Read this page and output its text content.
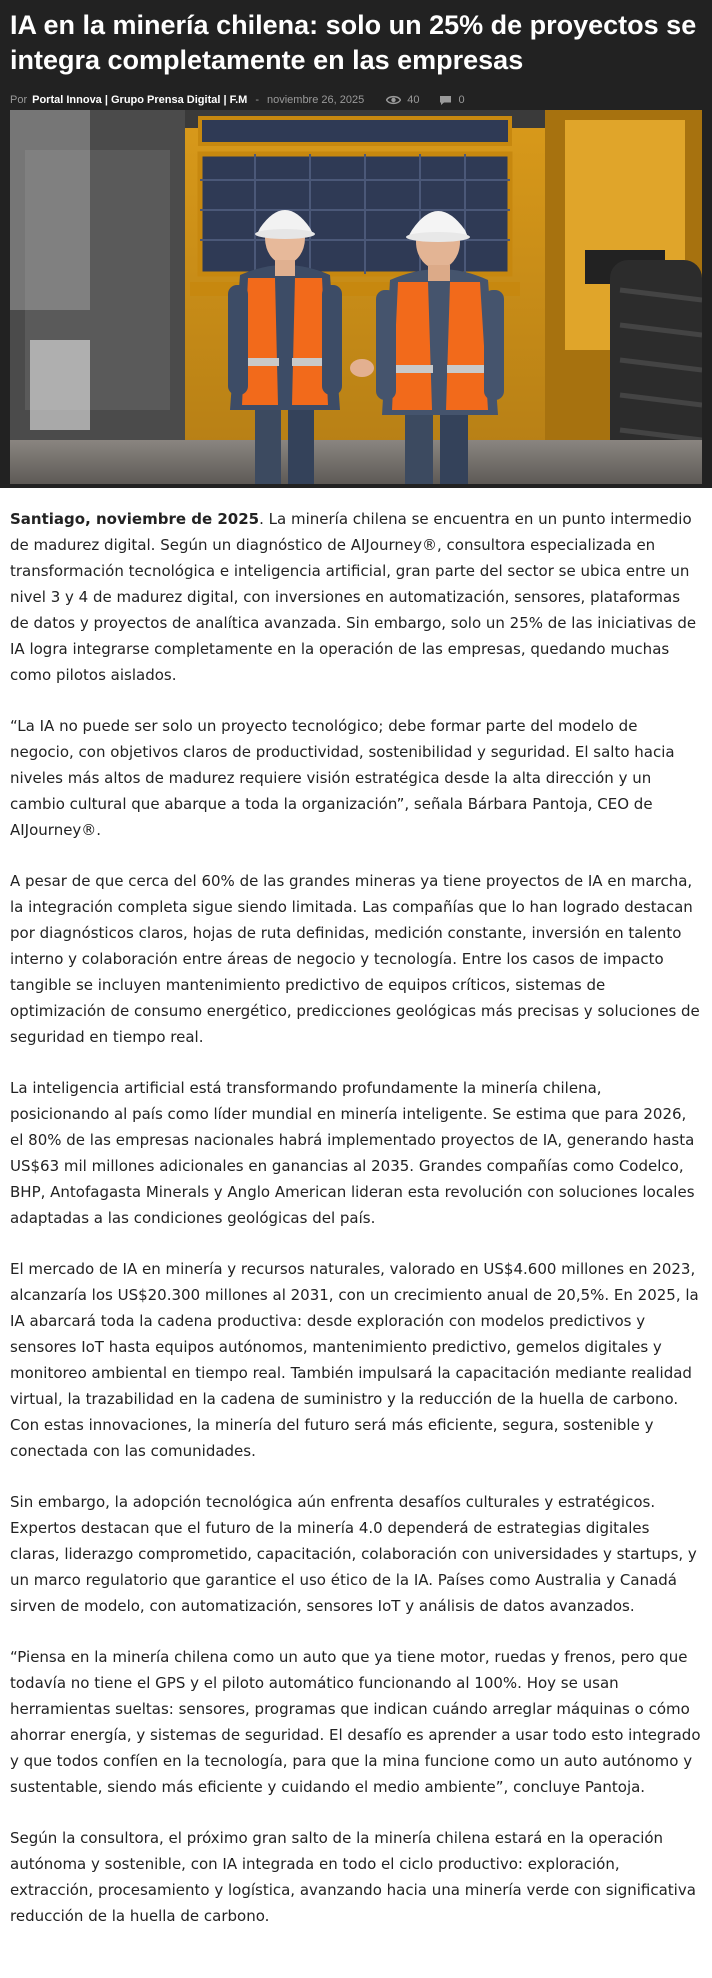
IA en la minería chilena: solo un 25% de proyectos se integra completamente en las empresas
Por Portal Innova | Grupo Prensa Digital | F.M - noviembre 26, 2025	40	0

Santiago, noviembre de 2025. La minería chilena se encuentra en un punto intermedio de madurez digital. Según un diagnóstico de AIJourney®, consultora especializada en transformación tecnológica e inteligencia artificial, gran parte del sector se ubica entre un nivel 3 y 4 de madurez digital, con inversiones en automatización, sensores, plataformas de datos y proyectos de analítica avanzada. Sin embargo, solo un 25% de las iniciativas de IA logra integrarse completamente en la operación de las empresas, quedando muchas como pilotos aislados.

“La IA no puede ser solo un proyecto tecnológico; debe formar parte del modelo de negocio, con objetivos claros de productividad, sostenibilidad y seguridad. El salto hacia niveles más altos de madurez requiere visión estratégica desde la alta dirección y un cambio cultural que abarque a toda la organización”, señala Bárbara Pantoja, CEO de AIJourney®.

A pesar de que cerca del 60% de las grandes mineras ya tiene proyectos de IA en marcha, la integración completa sigue siendo limitada. Las compañías que lo han logrado destacan por diagnósticos claros, hojas de ruta definidas, medición constante, inversión en talento interno y colaboración entre áreas de negocio y tecnología. Entre los casos de impacto tangible se incluyen mantenimiento predictivo de equipos críticos, sistemas de optimización de consumo energético, predicciones geológicas más precisas y soluciones de seguridad en tiempo real.

La inteligencia artificial está transformando profundamente la minería chilena, posicionando al país como líder mundial en minería inteligente. Se estima que para 2026, el 80% de las empresas nacionales habrá implementado proyectos de IA, generando hasta US$63 mil millones adicionales en ganancias al 2035. Grandes compañías como Codelco, BHP, Antofagasta Minerals y Anglo American lideran esta revolución con soluciones locales adaptadas a las condiciones geológicas del país.

El mercado de IA en minería y recursos naturales, valorado en US$4.600 millones en 2023, alcanzaría los US$20.300 millones al 2031, con un crecimiento anual de 20,5%. En 2025, la IA abarcará toda la cadena productiva: desde exploración con modelos predictivos y sensores IoT hasta equipos autónomos, mantenimiento predictivo, gemelos digitales y monitoreo ambiental en tiempo real. También impulsará la capacitación mediante realidad virtual, la trazabilidad en la cadena de suministro y la reducción de la huella de carbono. Con estas innovaciones, la minería del futuro será más eficiente, segura, sostenible y conectada con las comunidades.

Sin embargo, la adopción tecnológica aún enfrenta desafíos culturales y estratégicos. Expertos destacan que el futuro de la minería 4.0 dependerá de estrategias digitales claras, liderazgo comprometido, capacitación, colaboración con universidades y startups, y un marco regulatorio que garantice el uso ético de la IA. Países como Australia y Canadá sirven de modelo, con automatización, sensores IoT y análisis de datos avanzados.

“Piensa en la minería chilena como un auto que ya tiene motor, ruedas y frenos, pero que todavía no tiene el GPS y el piloto automático funcionando al 100%. Hoy se usan herramientas sueltas: sensores, programas que indican cuándo arreglar máquinas o cómo ahorrar energía, y sistemas de seguridad. El desafío es aprender a usar todo esto integrado y que todos confíen en la tecnología, para que la mina funcione como un auto autónomo y sustentable, siendo más eficiente y cuidando el medio ambiente”, concluye Pantoja.

Según la consultora, el próximo gran salto de la minería chilena estará en la operación autónoma y sostenible, con IA integrada en todo el ciclo productivo: exploración, extracción, procesamiento y logística, avanzando hacia una minería verde con significativa reducción de la huella de carbono.
